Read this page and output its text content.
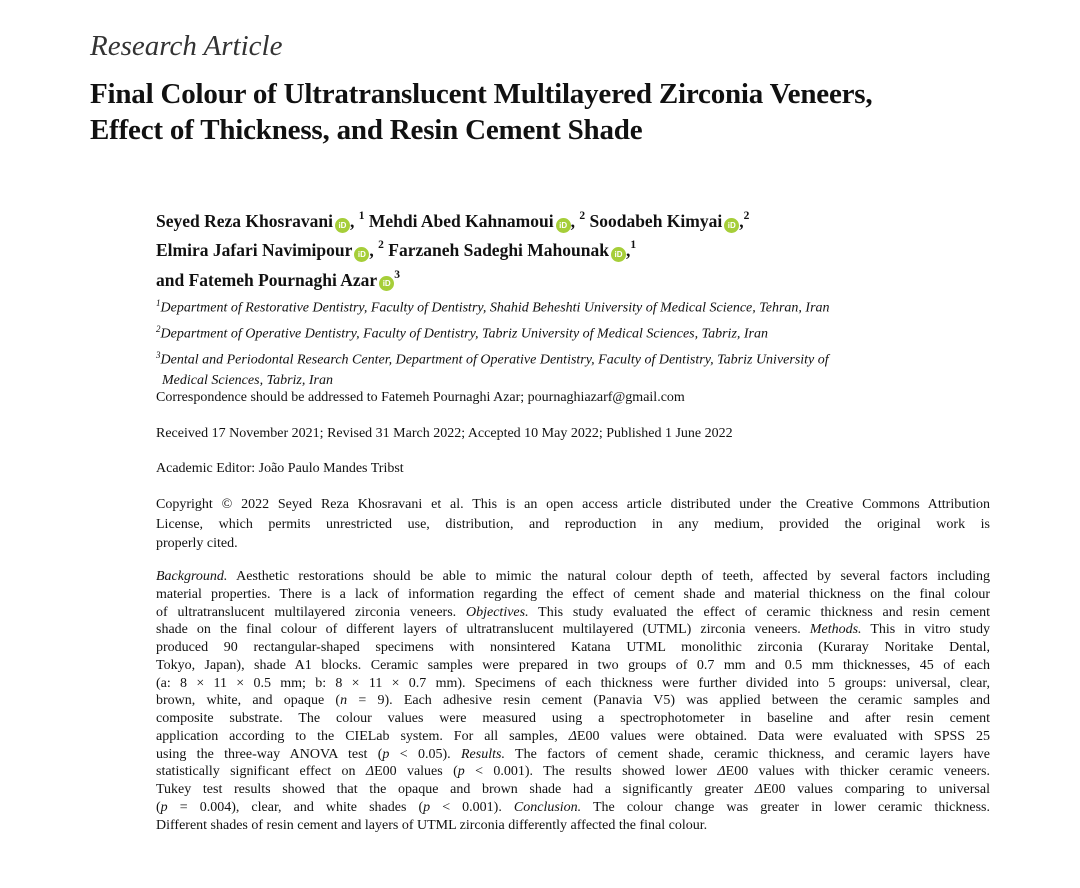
Research Article
Final Colour of Ultratranslucent Multilayered Zirconia Veneers,
Effect of Thickness, and Resin Cement Shade
Seyed Reza Khosravani iD , $^1$ Mehdi Abed Kahnamoui iD , $^2$ Soodabeh Kimyai iD ,$^2$
Elmira Jafari Navimipour iD , $^2$ Farzaneh Sadeghi Mahounak iD ,$^1$
and Fatemeh Pournaghi Azar $iD^3$
$^1$Department of Restorative Dentistry, Faculty of Dentistry, Shahid Beheshti University of Medical Science, Tehran, Iran
$^2$Department of Operative Dentistry, Faculty of Dentistry, Tabriz University of Medical Sciences, Tabriz, Iran
$^3$Dental and Periodontal Research Center, Department of Operative Dentistry, Faculty of Dentistry, Tabriz University of
Medical Sciences, Tabriz, Iran
Correspondence should be addressed to Fatemeh Pournaghi Azar; pournaghiazarf@gmail.com
Received 17 November 2021; Revised 31 March 2022; Accepted 10 May 2022; Published 1 June 2022
Academic Editor: João Paulo Mandes Tribst
Copyright © 2022 Seyed Reza Khosravani et al. This is an open access article distributed under the Creative Commons Attribution
License, which permits unrestricted use, distribution, and reproduction in any medium, provided the original work is
properly cited.
Background. Aesthetic restorations should be able to mimic the natural colour depth of teeth, affected by several factors including
material properties. There is a lack of information regarding the effect of cement shade and material thickness on the final colour
of ultratranslucent multilayered zirconia veneers. Objectives. This study evaluated the effect of ceramic thickness and resin cement
shade on the final colour of different layers of ultratranslucent multilayered (UTML) zirconia veneers. Methods. This in vitro study
produced 90 rectangular-shaped specimens with nonsintered Katana UTML monolithic zirconia (Kuraray Noritake Dental,
Tokyo, Japan), shade A1 blocks. Ceramic samples were prepared in two groups of 0.7 mm and 0.5 mm thicknesses, 45 of each
(a: 8 × 11 × 0.5 mm; b: 8 × 11 × 0.7 mm). Specimens of each thickness were further divided into 5 groups: universal, clear,
brown, white, and opaque (n = 9). Each adhesive resin cement (Panavia V5) was applied between the ceramic samples and
composite substrate. The colour values were measured using a spectrophotometer in baseline and after resin cement
application according to the CIELab system. For all samples, ΔE00 values were obtained. Data were evaluated with SPSS 25
using the three-way ANOVA test (p < 0.05). Results. The factors of cement shade, ceramic thickness, and ceramic layers have
statistically significant effect on ΔE00 values (p < 0.001). The results showed lower ΔE00 values with thicker ceramic veneers.
Tukey test results showed that the opaque and brown shade had a significantly greater ΔE00 values comparing to universal
(p = 0.004), clear, and white shades (p < 0.001). Conclusion. The colour change was greater in lower ceramic thickness.
Different shades of resin cement and layers of UTML zirconia differently affected the final colour.
